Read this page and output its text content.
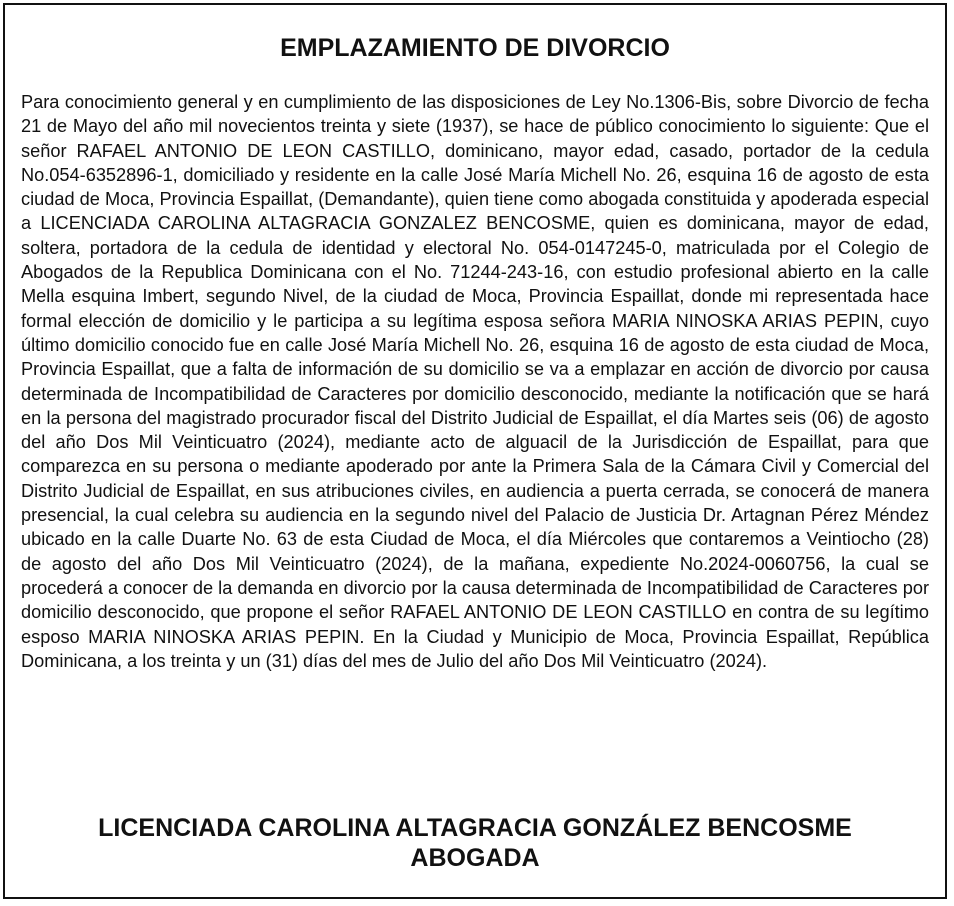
EMPLAZAMIENTO DE DIVORCIO

Para conocimiento general y en cumplimiento de las disposiciones de Ley No.1306-Bis, sobre Divorcio de fecha 21 de Mayo del año mil novecientos treinta y siete (1937), se hace de público conocimiento lo siguiente: Que el señor RAFAEL ANTONIO DE LEON CASTILLO, dominicano, mayor edad, casado, portador de la cedula No.054-6352896-1, domiciliado y residente en la calle José María Michell No. 26, esquina 16 de agosto de esta ciudad de Moca, Provincia Espaillat, (Demandante), quien tiene como abogada constituida y apoderada especial a LICENCIADA CAROLINA ALTAGRACIA GONZALEZ BENCOSME, quien es dominicana, mayor de edad, soltera, portadora de la cedula de identidad y electoral No. 054-0147245-0, matriculada por el Colegio de Abogados de la Republica Dominicana con el No. 71244-243-16, con estudio profesional abierto en la calle Mella esquina Imbert, segundo Nivel, de la ciudad de Moca, Provincia Espaillat, donde mi representada hace formal elección de domicilio y le participa a su legítima esposa señora MARIA NINOSKA ARIAS PEPIN, cuyo último domicilio conocido fue en calle José María Michell No. 26, esquina 16 de agosto de esta ciudad de Moca, Provincia Espaillat, que a falta de información de su domicilio se va a emplazar en acción de divorcio por causa determinada de Incompatibilidad de Caracteres por domicilio desconocido, mediante la notificación que se hará en la persona del magistrado procurador fiscal del Distrito Judicial de Espaillat, el día Martes seis (06) de agosto del año Dos Mil Veinticuatro (2024), mediante acto de alguacil de la Jurisdicción de Espaillat, para que comparezca en su persona o mediante apoderado por ante la Primera Sala de la Cámara Civil y Comercial del Distrito Judicial de Espaillat, en sus atribuciones civiles, en audiencia a puerta cerrada, se conocerá de manera presencial, la cual celebra su audiencia en la segundo nivel del Palacio de Justicia Dr. Artagnan Pérez Méndez ubicado en la calle Duarte No. 63 de esta Ciudad de Moca, el día Miércoles que contaremos a Veintiocho (28) de agosto del año Dos Mil Veinticuatro (2024), de la mañana, expediente No.2024-0060756, la cual se procederá a conocer de la demanda en divorcio por la causa determinada de Incompatibilidad de Caracteres por domicilio desconocido, que propone el señor RAFAEL ANTONIO DE LEON CASTILLO en contra de su legítimo esposo MARIA NINOSKA ARIAS PEPIN. En la Ciudad y Municipio de Moca, Provincia Espaillat, República Dominicana, a los treinta y un (31) días del mes de Julio del año Dos Mil Veinticuatro (2024).

LICENCIADA CAROLINA ALTAGRACIA GONZÁLEZ BENCOSME
ABOGADA
